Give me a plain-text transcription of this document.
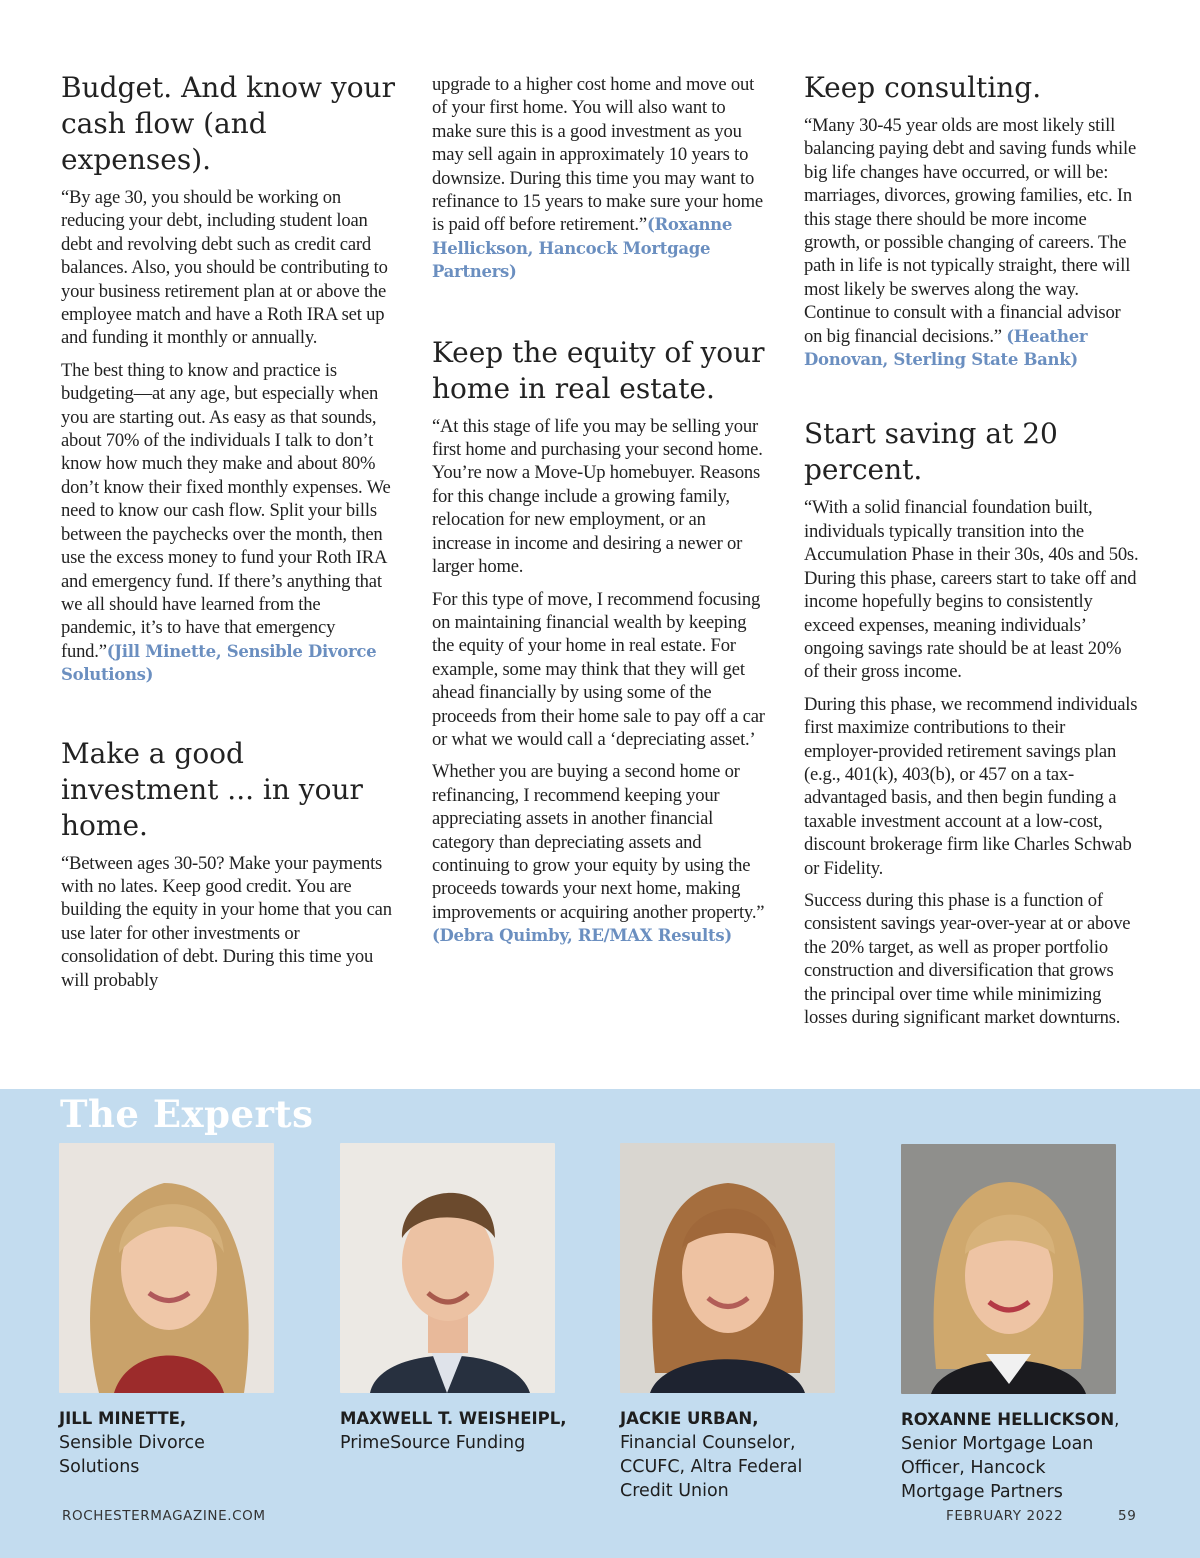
Budget. And know your cash flow (and expenses).

“By age 30, you should be working on reducing your debt, including student loan debt and revolving debt such as credit card balances. Also, you should be contributing to your business retirement plan at or above the employee match and have a Roth IRA set up and funding it monthly or annually.

The best thing to know and practice is budgeting—at any age, but especially when you are starting out. As easy as that sounds, about 70% of the individuals I talk to don’t know how much they make and about 80% don’t know their fixed monthly expenses. We need to know our cash flow. Split your bills between the paychecks over the month, then use the excess money to fund your Roth IRA and emergency fund. If there’s anything that we all should have learned from the pandemic, it’s to have that emergency fund.”(Jill Minette, Sensible Divorce Solutions)

Make a good investment ... in your home.

“Between ages 30-50? Make your payments with no lates. Keep good credit. You are building the equity in your home that you can use later for other investments or consolidation of debt. During this time you will probably

upgrade to a higher cost home and move out of your first home. You will also want to make sure this is a good investment as you may sell again in approximately 10 years to downsize. During this time you may want to refinance to 15 years to make sure your home is paid off before retirement.”(Roxanne Hellickson, Hancock Mortgage Partners)

Keep the equity of your home in real estate.

“At this stage of life you may be selling your first home and purchasing your second home. You’re now a Move-Up homebuyer. Reasons for this change include a growing family, relocation for new employment, or an increase in income and desiring a newer or larger home.

For this type of move, I recommend focusing on maintaining financial wealth by keeping the equity of your home in real estate. For example, some may think that they will get ahead financially by using some of the proceeds from their home sale to pay off a car or what we would call a ‘depreciating asset.’

Whether you are buying a second home or refinancing, I recommend keeping your appreciating assets in another financial category than depreciating assets and continuing to grow your equity by using the proceeds towards your next home, making improvements or acquiring another property.” (Debra Quimby, RE/MAX Results)

Keep consulting.

“Many 30-45 year olds are most likely still balancing paying debt and saving funds while big life changes have occurred, or will be: marriages, divorces, growing families, etc. In this stage there should be more income growth, or possible changing of careers. The path in life is not typically straight, there will most likely be swerves along the way. Continue to consult with a financial advisor on big financial decisions.” (Heather Donovan, Sterling State Bank)

Start saving at 20 percent.

“With a solid financial foundation built, individuals typically transition into the Accumulation Phase in their 30s, 40s and 50s. During this phase, careers start to take off and income hopefully begins to consistently exceed expenses, meaning individuals’ ongoing savings rate should be at least 20% of their gross income.

During this phase, we recommend individuals first maximize contributions to their employer-provided retirement savings plan (e.g., 401(k), 403(b), or 457 on a tax-advantaged basis, and then begin funding a taxable investment account at a low-cost, discount brokerage firm like Charles Schwab or Fidelity.

Success during this phase is a function of consistent savings year-over-year at or above the 20% target, as well as proper portfolio construction and diversification that grows the principal over time while minimizing losses during significant market downturns.

The Experts
JILL MINETTE,
Sensible Divorce Solutions
MAXWELL T. WEISHEIPL,
PrimeSource Funding
JACKIE URBAN,
Financial Counselor, CCUFC, Altra Federal Credit Union
ROXANNE HELLICKSON,
Senior Mortgage Loan Officer, Hancock Mortgage Partners
ROCHESTERMAGAZINE.COM	FEBRUARY 2022	59
